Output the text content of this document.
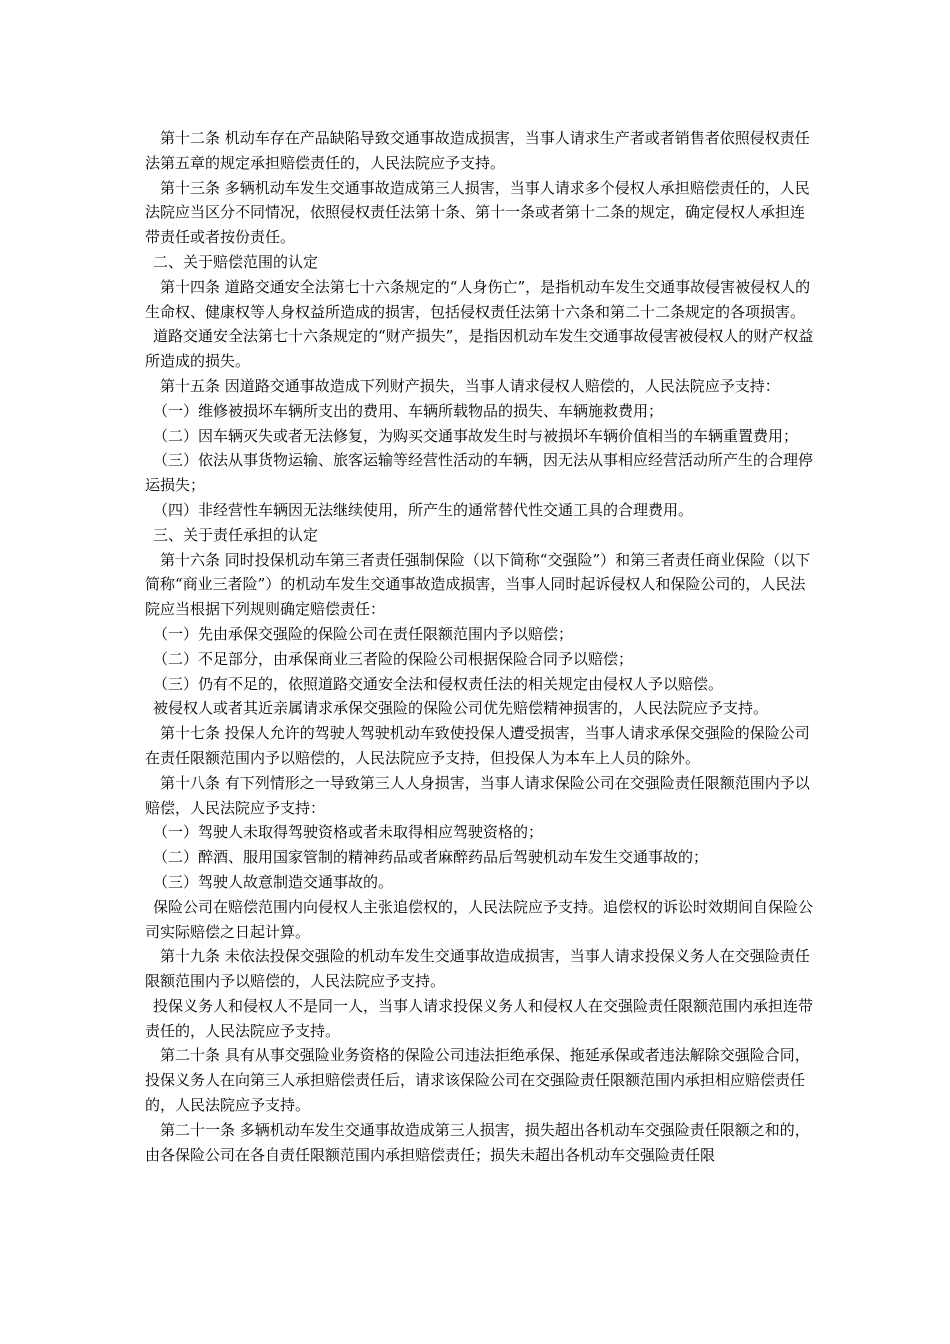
第十二条 机动车存在产品缺陷导致交通事故造成损害，当事人请求生产者或者销售者依照侵权责任法第五章的规定承担赔偿责任的，人民法院应予支持。

第十三条 多辆机动车发生交通事故造成第三人损害，当事人请求多个侵权人承担赔偿责任的，人民法院应当区分不同情况，依照侵权责任法第十条、第十一条或者第十二条的规定，确定侵权人承担连带责任或者按份责任。

二、关于赔偿范围的认定

第十四条 道路交通安全法第七十六条规定的“人身伤亡”，是指机动车发生交通事故侵害被侵权人的生命权、健康权等人身权益所造成的损害，包括侵权责任法第十六条和第二十二条规定的各项损害。

道路交通安全法第七十六条规定的“财产损失”，是指因机动车发生交通事故侵害被侵权人的财产权益所造成的损失。

第十五条 因道路交通事故造成下列财产损失，当事人请求侵权人赔偿的，人民法院应予支持：

（一）维修被损坏车辆所支出的费用、车辆所载物品的损失、车辆施救费用；

（二）因车辆灭失或者无法修复，为购买交通事故发生时与被损坏车辆价值相当的车辆重置费用；

（三）依法从事货物运输、旅客运输等经营性活动的车辆，因无法从事相应经营活动所产生的合理停运损失；

（四）非经营性车辆因无法继续使用，所产生的通常替代性交通工具的合理费用。

三、关于责任承担的认定

第十六条 同时投保机动车第三者责任强制保险（以下简称“交强险”）和第三者责任商业保险（以下简称“商业三者险”）的机动车发生交通事故造成损害，当事人同时起诉侵权人和保险公司的，人民法院应当根据下列规则确定赔偿责任：

（一）先由承保交强险的保险公司在责任限额范围内予以赔偿；

（二）不足部分，由承保商业三者险的保险公司根据保险合同予以赔偿；

（三）仍有不足的，依照道路交通安全法和侵权责任法的相关规定由侵权人予以赔偿。

被侵权人或者其近亲属请求承保交强险的保险公司优先赔偿精神损害的，人民法院应予支持。

第十七条 投保人允许的驾驶人驾驶机动车致使投保人遭受损害，当事人请求承保交强险的保险公司在责任限额范围内予以赔偿的，人民法院应予支持，但投保人为本车上人员的除外。

第十八条 有下列情形之一导致第三人人身损害，当事人请求保险公司在交强险责任限额范围内予以赔偿，人民法院应予支持：

（一）驾驶人未取得驾驶资格或者未取得相应驾驶资格的；

（二）醉酒、服用国家管制的精神药品或者麻醉药品后驾驶机动车发生交通事故的；

（三）驾驶人故意制造交通事故的。

保险公司在赔偿范围内向侵权人主张追偿权的，人民法院应予支持。追偿权的诉讼时效期间自保险公司实际赔偿之日起计算。

第十九条 未依法投保交强险的机动车发生交通事故造成损害，当事人请求投保义务人在交强险责任限额范围内予以赔偿的，人民法院应予支持。

投保义务人和侵权人不是同一人，当事人请求投保义务人和侵权人在交强险责任限额范围内承担连带责任的，人民法院应予支持。

第二十条 具有从事交强险业务资格的保险公司违法拒绝承保、拖延承保或者违法解除交强险合同，投保义务人在向第三人承担赔偿责任后，请求该保险公司在交强险责任限额范围内承担相应赔偿责任的，人民法院应予支持。

第二十一条 多辆机动车发生交通事故造成第三人损害，损失超出各机动车交强险责任限额之和的，由各保险公司在各自责任限额范围内承担赔偿责任；损失未超出各机动车交强险责任限
